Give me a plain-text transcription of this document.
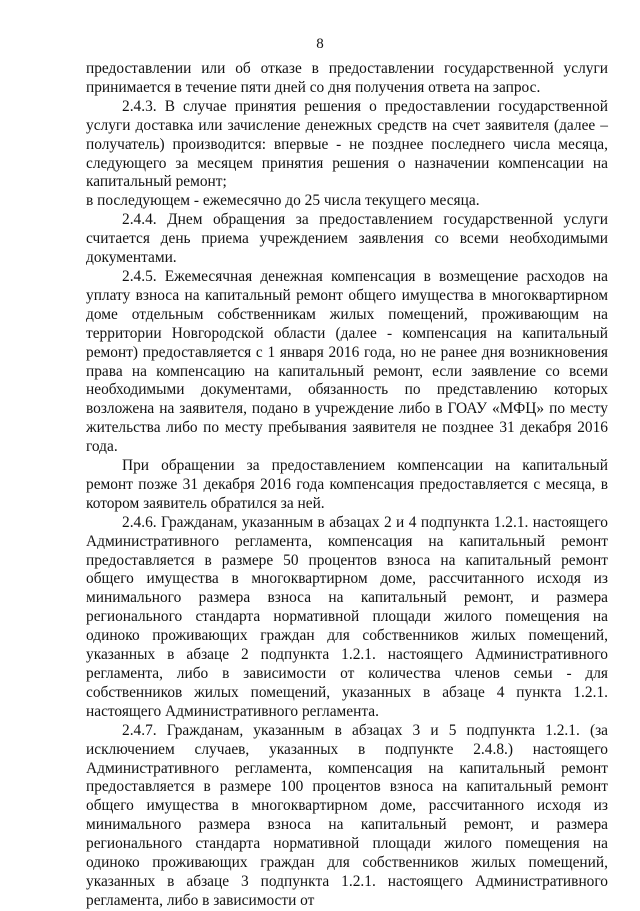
8

предоставлении или об отказе в предоставлении государственной услуги принимается в течение пяти дней со дня получения ответа на запрос.

2.4.3. В случае принятия решения о предоставлении государственной услуги доставка или зачисление денежных средств на счет заявителя (далее – получатель) производится: впервые - не позднее последнего числа месяца, следующего за месяцем принятия решения о назначении компенсации на капитальный ремонт;

в последующем - ежемесячно до 25 числа текущего месяца.

2.4.4. Днем обращения за предоставлением государственной услуги считается день приема учреждением заявления со всеми необходимыми документами.

2.4.5. Ежемесячная денежная компенсация в возмещение расходов на уплату взноса на капитальный ремонт общего имущества в многоквартирном доме отдельным собственникам жилых помещений, проживающим на территории Новгородской области (далее - компенсация на капитальный ремонт) предоставляется с 1 января 2016 года, но не ранее дня возникновения права на компенсацию на капитальный ремонт, если заявление со всеми необходимыми документами, обязанность по представлению которых возложена на заявителя, подано в учреждение либо в ГОАУ «МФЦ» по месту жительства либо по месту пребывания заявителя не позднее 31 декабря 2016 года.

При обращении за предоставлением компенсации на капитальный ремонт позже 31 декабря 2016 года компенсация предоставляется с месяца, в котором заявитель обратился за ней.

2.4.6. Гражданам, указанным в абзацах 2 и 4 подпункта 1.2.1. настоящего Административного регламента, компенсация на капитальный ремонт предоставляется в размере 50 процентов взноса на капитальный ремонт общего имущества в многоквартирном доме, рассчитанного исходя из минимального размера взноса на капитальный ремонт, и размера регионального стандарта нормативной площади жилого помещения на одиноко проживающих граждан для собственников жилых помещений, указанных в абзаце 2 подпункта 1.2.1. настоящего Административного регламента, либо в зависимости от количества членов семьи - для собственников жилых помещений, указанных в абзаце 4 пункта 1.2.1. настоящего Административного регламента.

2.4.7. Гражданам, указанным в абзацах 3 и 5 подпункта 1.2.1. (за исключением случаев, указанных в подпункте 2.4.8.) настоящего Административного регламента, компенсация на капитальный ремонт предоставляется в размере 100 процентов взноса на капитальный ремонт общего имущества в многоквартирном доме, рассчитанного исходя из минимального размера взноса на капитальный ремонт, и размера регионального стандарта нормативной площади жилого помещения на одиноко проживающих граждан для собственников жилых помещений, указанных в абзаце 3 подпункта 1.2.1. настоящего Административного регламента, либо в зависимости от
